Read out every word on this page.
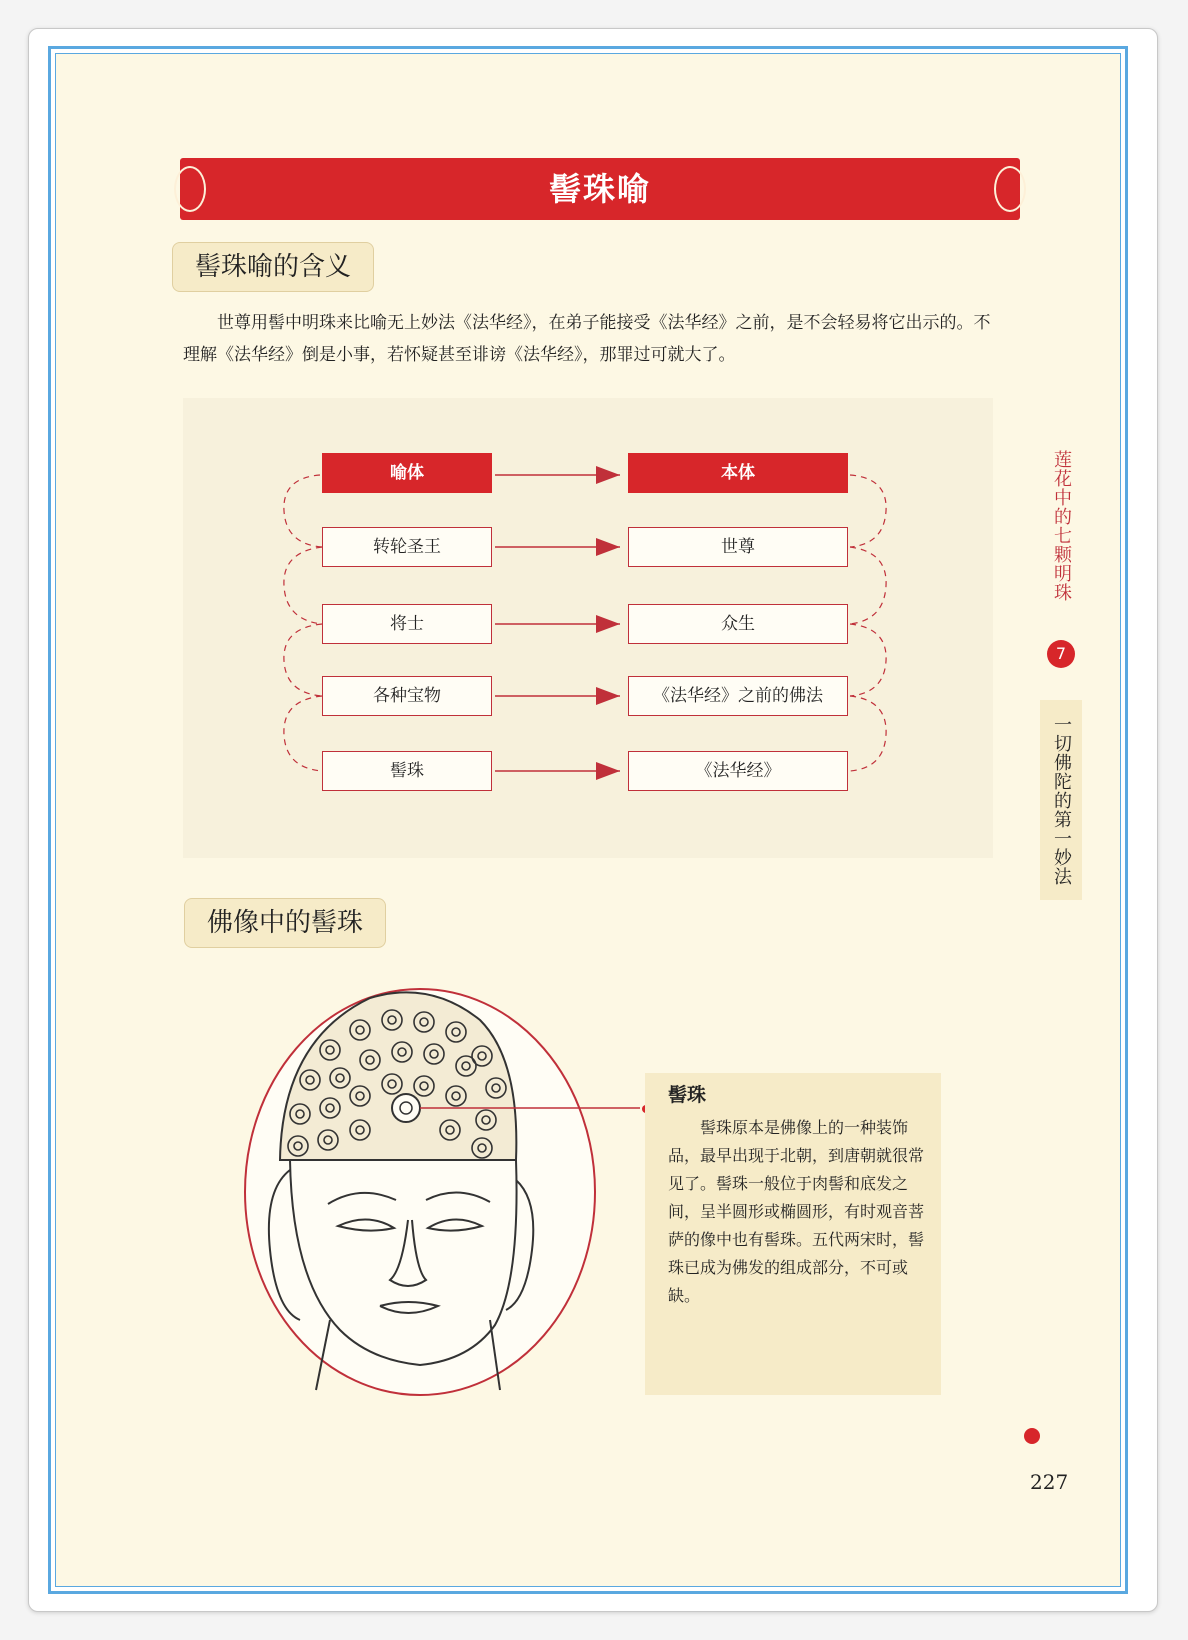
髻珠喻
髻珠喻的含义
世尊用髻中明珠来比喻无上妙法《法华经》，在弟子能接受《法华经》之前，是不会轻易将它出示的。不理解《法华经》倒是小事，若怀疑甚至诽谤《法华经》，那罪过可就大了。
喻体	本体
转轮圣王	世尊
将士	众生
各种宝物	《法华经》之前的佛法
髻珠	《法华经》
佛像中的髻珠
髻珠
髻珠原本是佛像上的一种装饰品，最早出现于北朝，到唐朝就很常见了。髻珠一般位于肉髻和底发之间，呈半圆形或椭圆形，有时观音菩萨的像中也有髻珠。五代两宋时，髻珠已成为佛发的组成部分，不可或缺。
莲花中的七颗明珠
7
一切佛陀的第一妙法
227
